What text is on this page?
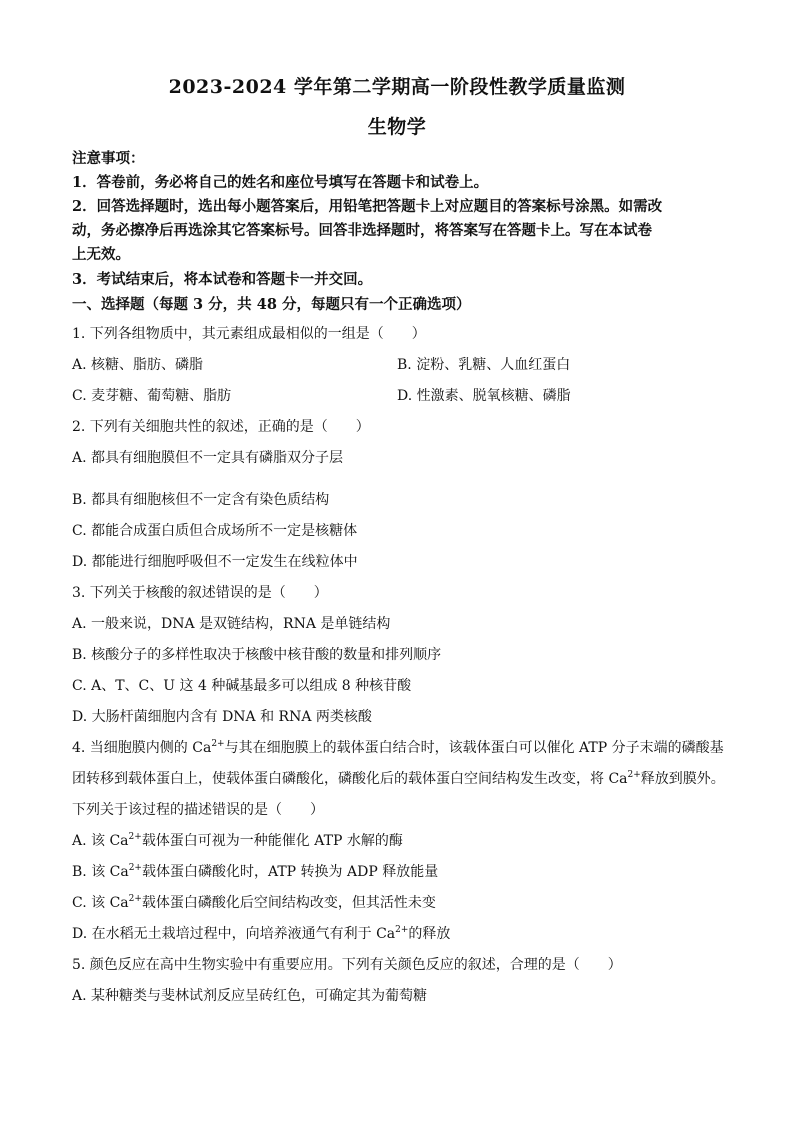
2023-2024 学年第二学期高一阶段性教学质量监测
生物学
注意事项：
1．答卷前，务必将自己的姓名和座位号填写在答题卡和试卷上。
2．回答选择题时，选出每小题答案后，用铅笔把答题卡上对应题目的答案标号涂黑。如需改
动，务必擦净后再选涂其它答案标号。回答非选择题时，将答案写在答题卡上。写在本试卷
上无效。
3．考试结束后，将本试卷和答题卡一并交回。
一、选择题（每题 3 分，共 48 分，每题只有一个正确选项）
1. 下列各组物质中，其元素组成最相似的一组是（　　）
A. 核糖、脂肪、磷脂	B. 淀粉、乳糖、人血红蛋白
C. 麦芽糖、葡萄糖、脂肪	D. 性激素、脱氧核糖、磷脂
2. 下列有关细胞共性的叙述，正确的是（　　）
A. 都具有细胞膜但不一定具有磷脂双分子层
B. 都具有细胞核但不一定含有染色质结构
C. 都能合成蛋白质但合成场所不一定是核糖体
D. 都能进行细胞呼吸但不一定发生在线粒体中
3. 下列关于核酸的叙述错误的是（　　）
A. 一般来说，DNA 是双链结构，RNA 是单链结构
B. 核酸分子的多样性取决于核酸中核苷酸的数量和排列顺序
C. A、T、C、U 这 4 种碱基最多可以组成 8 种核苷酸
D. 大肠杆菌细胞内含有 DNA 和 RNA 两类核酸
4. 当细胞膜内侧的 $Ca^{2+}$与其在细胞膜上的载体蛋白结合时，该载体蛋白可以催化 ATP 分子末端的磷酸基
团转移到载体蛋白上，使载体蛋白磷酸化，磷酸化后的载体蛋白空间结构发生改变，将 $Ca^{2+}$释放到膜外。
下列关于该过程的描述错误的是（　　）
A. 该 $Ca^{2+}$载体蛋白可视为一种能催化 ATP 水解的酶
B. 该 $Ca^{2+}$载体蛋白磷酸化时，ATP 转换为 ADP 释放能量
C. 该 $Ca^{2+}$载体蛋白磷酸化后空间结构改变，但其活性未变
D. 在水稻无土栽培过程中，向培养液通气有利于 $Ca^{2+}$的释放
5. 颜色反应在高中生物实验中有重要应用。下列有关颜色反应的叙述，合理的是（　　）
A. 某种糖类与斐林试剂反应呈砖红色，可确定其为葡萄糖
